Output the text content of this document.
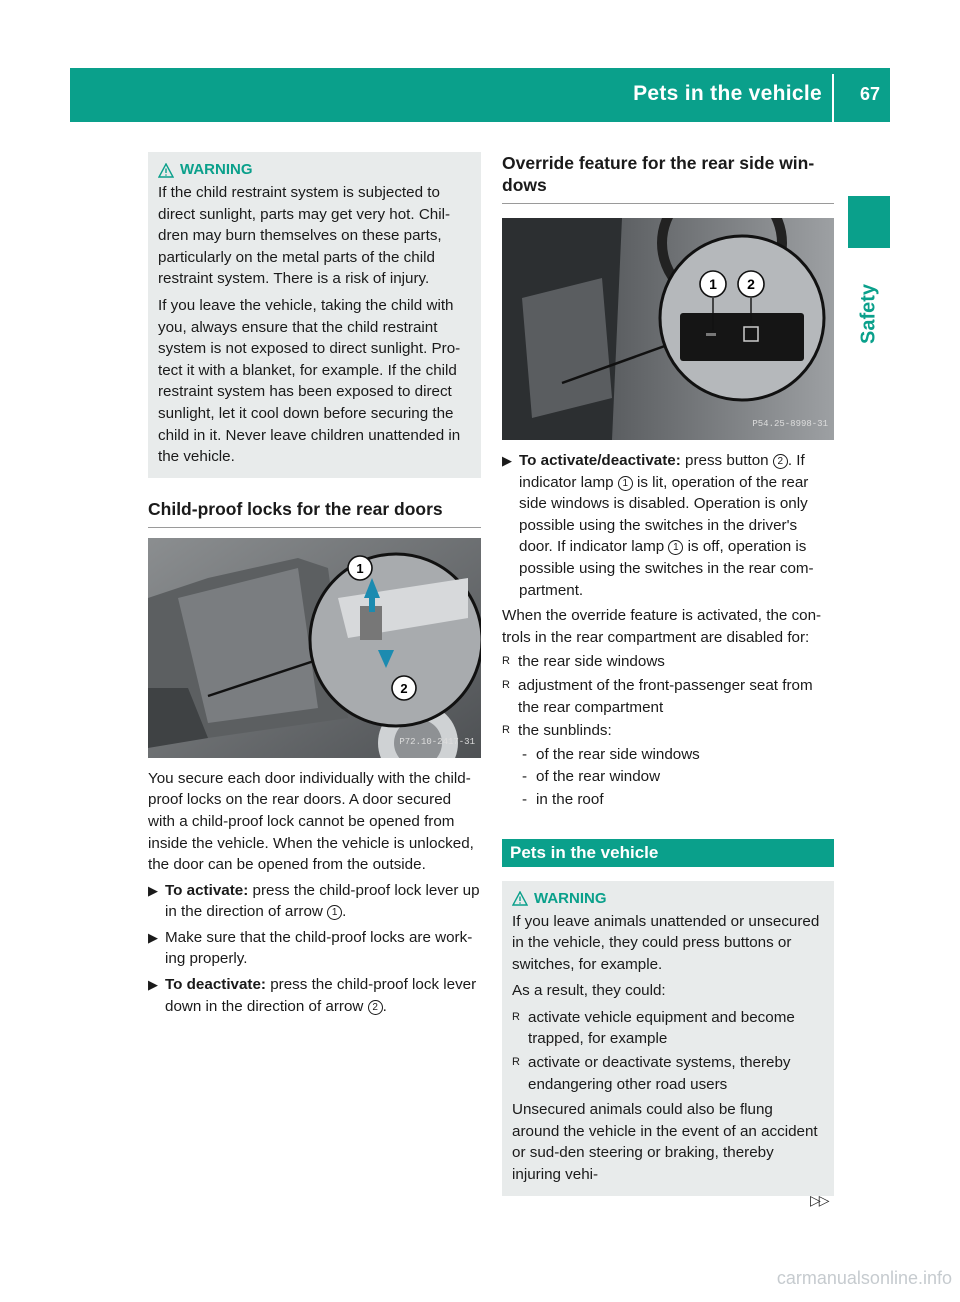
Pets in the vehicle 67
Safety
WARNING

If the child restraint system is subjected to direct sunlight, parts may get very hot. Chil-dren may burn themselves on these parts, particularly on the metal parts of the child restraint system. There is a risk of injury.

If you leave the vehicle, taking the child with you, always ensure that the child restraint system is not exposed to direct sunlight. Pro-tect it with a blanket, for example. If the child restraint system has been exposed to direct sunlight, let it cool down before securing the child in it. Never leave children unattended in the vehicle.

Child-proof locks for the rear doors
1
2
P72.10-2417-31

You secure each door individually with the child-proof locks on the rear doors. A door secured with a child-proof lock cannot be opened from inside the vehicle. When the vehicle is unlocked, the door can be opened from the outside.

▶ To activate: press the child-proof lock lever up in the direction of arrow 1 .
▶ Make sure that the child-proof locks are work-ing properly.
▶ To deactivate: press the child-proof lock lever down in the direction of arrow 2 .
Override feature for the rear side win-dows
1 2
P54.25-8998-31
▶ To activate/deactivate: press button 2 . If indicator lamp 1 is lit, operation of the rear side windows is disabled. Operation is only possible using the switches in the driver's door. If indicator lamp 1 is off, operation is possible using the switches in the rear com-partment.

When the override feature is activated, the con-trols in the rear compartment are disabled for:

R the rear side windows
R adjustment of the front-passenger seat from the rear compartment
R the sunblinds:
- of the rear side windows
- of the rear window
- in the roof
Pets in the vehicle
WARNING

If you leave animals unattended or unsecured in the vehicle, they could press buttons or switches, for example.

As a result, they could:

R activate vehicle equipment and become trapped, for example
R activate or deactivate systems, thereby endangering other road users

Unsecured animals could also be flung around the vehicle in the event of an accident or sud-den steering or braking, thereby injuring vehi-

▷▷
carmanualsonline.info
